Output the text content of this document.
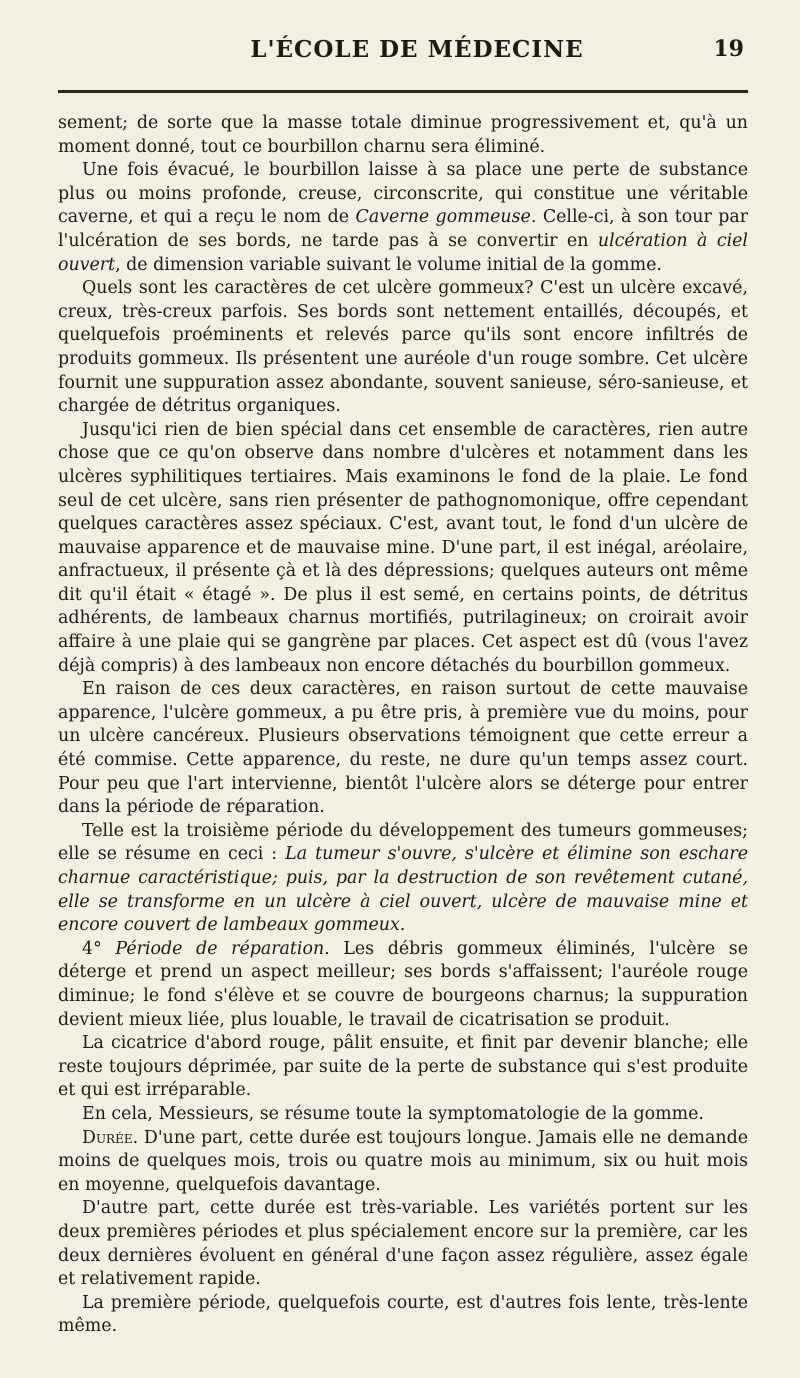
L'ÉCOLE DE MÉDECINE	19

sement; de sorte que la masse totale diminue progressivement et, qu'à un moment donné, tout ce bourbillon charnu sera éliminé.

Une fois évacué, le bourbillon laisse à sa place une perte de substance plus ou moins profonde, creuse, circonscrite, qui constitue une véritable caverne, et qui a reçu le nom de Caverne gommeuse. Celle-ci, à son tour par l'ulcération de ses bords, ne tarde pas à se convertir en ulcération à ciel ouvert, de dimension variable suivant le volume initial de la gomme.

Quels sont les caractères de cet ulcère gommeux? C'est un ulcère excavé, creux, très-creux parfois. Ses bords sont nettement entaillés, découpés, et quelquefois proéminents et relevés parce qu'ils sont encore infiltrés de produits gommeux. Ils présentent une auréole d'un rouge sombre. Cet ulcère fournit une suppuration assez abondante, souvent sanieuse, séro-sanieuse, et chargée de détritus organiques.

Jusqu'ici rien de bien spécial dans cet ensemble de caractères, rien autre chose que ce qu'on observe dans nombre d'ulcères et notamment dans les ulcères syphilitiques tertiaires. Mais examinons le fond de la plaie. Le fond seul de cet ulcère, sans rien présenter de pathognomonique, offre cependant quelques caractères assez spéciaux. C'est, avant tout, le fond d'un ulcère de mauvaise apparence et de mauvaise mine. D'une part, il est inégal, aréolaire, anfractueux, il présente çà et là des dépressions; quelques auteurs ont même dit qu'il était « étagé ». De plus il est semé, en certains points, de détritus adhérents, de lambeaux charnus mortifiés, putrilagineux; on croirait avoir affaire à une plaie qui se gangrène par places. Cet aspect est dû (vous l'avez déjà compris) à des lambeaux non encore détachés du bourbillon gommeux.

En raison de ces deux caractères, en raison surtout de cette mauvaise apparence, l'ulcère gommeux, a pu être pris, à première vue du moins, pour un ulcère cancéreux. Plusieurs observations témoignent que cette erreur a été commise. Cette apparence, du reste, ne dure qu'un temps assez court. Pour peu que l'art intervienne, bientôt l'ulcère alors se déterge pour entrer dans la période de réparation.

Telle est la troisième période du développement des tumeurs gommeuses; elle se résume en ceci : La tumeur s'ouvre, s'ulcère et élimine son eschare charnue caractéristique; puis, par la destruction de son revêtement cutané, elle se transforme en un ulcère à ciel ouvert, ulcère de mauvaise mine et encore couvert de lambeaux gommeux.

4° Période de réparation. Les débris gommeux éliminés, l'ulcère se déterge et prend un aspect meilleur; ses bords s'affaissent; l'auréole rouge diminue; le fond s'élève et se couvre de bourgeons charnus; la suppuration devient mieux liée, plus louable, le travail de cicatrisation se produit.

La cicatrice d'abord rouge, pâlit ensuite, et finit par devenir blanche; elle reste toujours déprimée, par suite de la perte de substance qui s'est produite et qui est irréparable.

En cela, Messieurs, se résume toute la symptomatologie de la gomme.

Durée. D'une part, cette durée est toujours longue. Jamais elle ne demande moins de quelques mois, trois ou quatre mois au minimum, six ou huit mois en moyenne, quelquefois davantage.

D'autre part, cette durée est très-variable. Les variétés portent sur les deux premières périodes et plus spécialement encore sur la première, car les deux dernières évoluent en général d'une façon assez régulière, assez égale et relativement rapide.

La première période, quelquefois courte, est d'autres fois lente, très-lente même.
